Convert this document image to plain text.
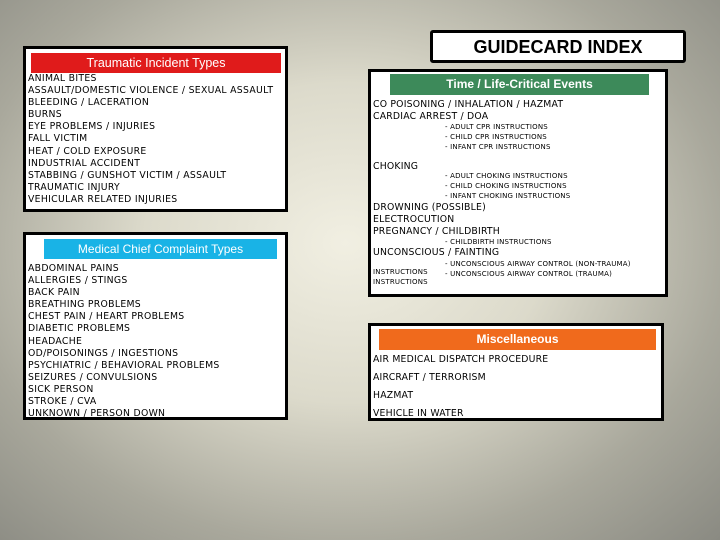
GUIDECARD INDEX
Traumatic Incident Types
ANIMAL BITES
ASSAULT/DOMESTIC VIOLENCE / SEXUAL ASSAULT
BLEEDING / LACERATION
BURNS
EYE PROBLEMS / INJURIES
FALL VICTIM
HEAT / COLD EXPOSURE
INDUSTRIAL ACCIDENT
STABBING / GUNSHOT VICTIM / ASSAULT
TRAUMATIC INJURY
VEHICULAR RELATED INJURIES
Medical Chief Complaint Types
ABDOMINAL PAINS
ALLERGIES / STINGS
BACK PAIN
BREATHING PROBLEMS
CHEST PAIN / HEART PROBLEMS
DIABETIC PROBLEMS
HEADACHE
OD/POISONINGS / INGESTIONS
PSYCHIATRIC / BEHAVIORAL PROBLEMS
SEIZURES / CONVULSIONS
SICK PERSON
STROKE / CVA
UNKNOWN / PERSON DOWN
Time / Life-Critical Events
CO POISONING / INHALATION / HAZMAT
CARDIAC ARREST / DOA
- ADULT CPR INSTRUCTIONS
- CHILD CPR INSTRUCTIONS
- INFANT CPR INSTRUCTIONS
CHOKING
- ADULT CHOKING INSTRUCTIONS
- CHILD CHOKING INSTRUCTIONS
- INFANT CHOKING INSTRUCTIONS
DROWNING (POSSIBLE)
ELECTROCUTION
PREGNANCY / CHILDBIRTH
- CHILDBIRTH INSTRUCTIONS
UNCONSCIOUS / FAINTING
- UNCONSCIOUS AIRWAY CONTROL (NON-TRAUMA)
- UNCONSCIOUS AIRWAY CONTROL (TRAUMA)
INSTRUCTIONS
INSTRUCTIONS
Miscellaneous
AIR MEDICAL DISPATCH PROCEDURE
AIRCRAFT / TERRORISM
HAZMAT
VEHICLE IN WATER
